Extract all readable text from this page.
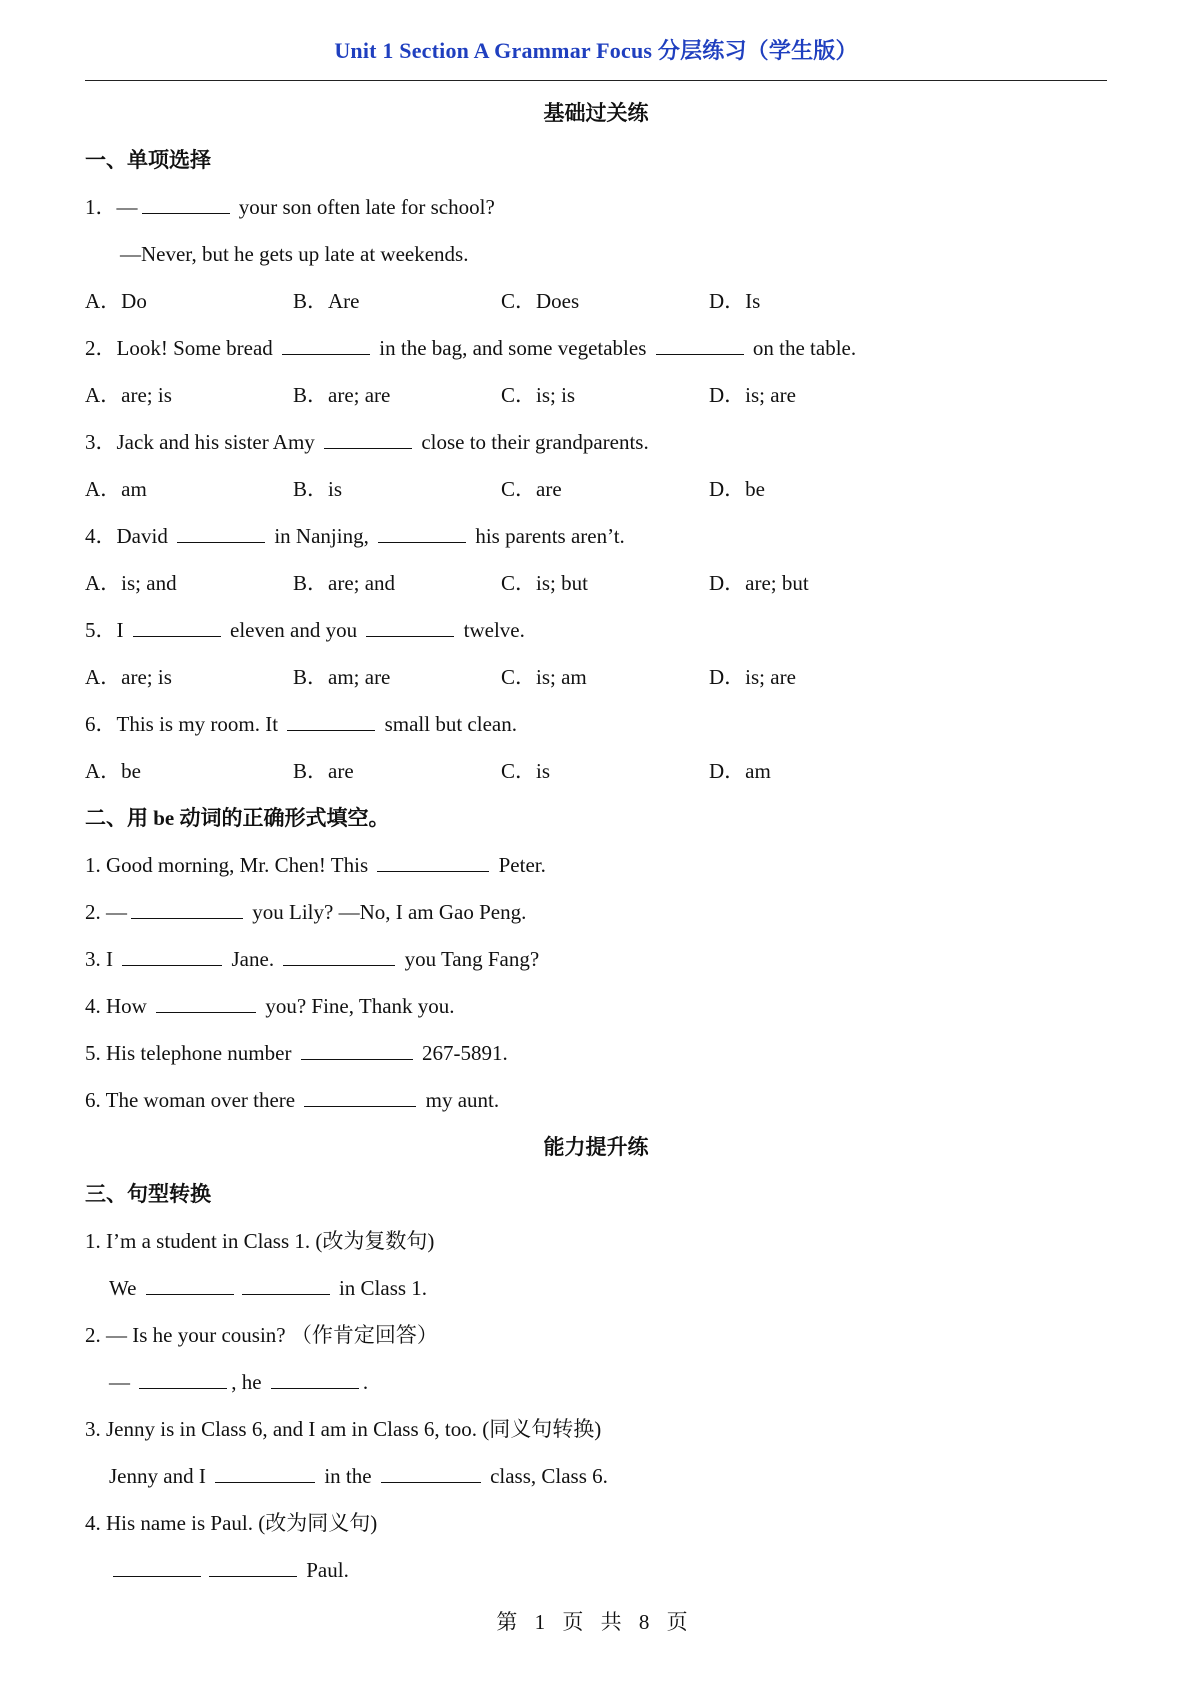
Unit 1 Section A Grammar Focus 分层练习（学生版）
基础过关练
一、单项选择
1．—	your son often late for school?
—Never, but he gets up late at weekends.
A．Do	B．Are	C．Does	D．Is
2．Look! Some bread	in the bag, and some vegetables	on the table.
A．are; is	B．are; are	C．is; is	D．is; are
3．Jack and his sister Amy	close to their grandparents.
A．am	B．is	C．are	D．be
4．David	in Nanjing,	his parents aren’t.
A．is; and	B．are; and	C．is; but	D．are; but
5．I	eleven and you	twelve.
A．are; is	B．am; are	C．is; am	D．is; are
6．This is my room. It	small but clean.
A．be	B．are	C．is	D．am
二、用 be 动词的正确形式填空。
1. Good morning, Mr. Chen! This	Peter.
2. —	you Lily? —No, I am Gao Peng.
3. I	Jane.	you Tang Fang?
4. How	you? Fine, Thank you.
5. His telephone number	267-5891.
6. The woman over there	my aunt.
能力提升练
三、句型转换
1. I’m a student in Class 1. (改为复数句)
We	in Class 1.
2. — Is he your cousin? （作肯定回答）
—	, he	.
3. Jenny is in Class 6, and I am in Class 6, too. (同义句转换)
Jenny and I	in the	class, Class 6.
4. His name is Paul. (改为同义句)
Paul.
第 1 页 共 8 页
